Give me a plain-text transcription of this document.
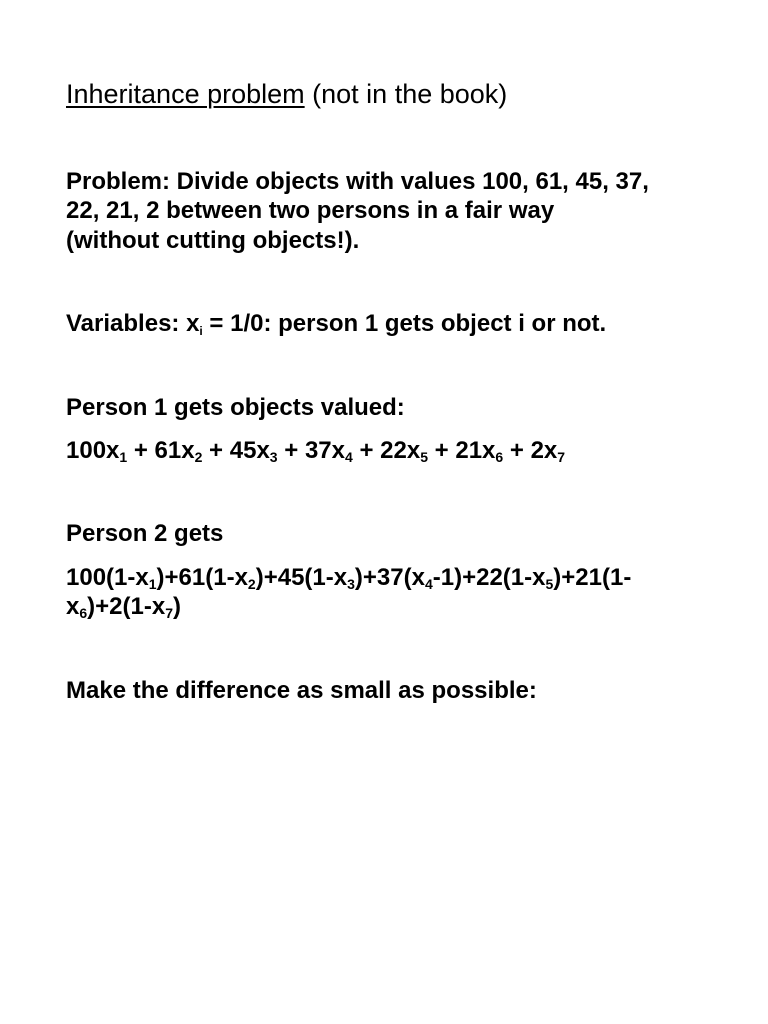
Inheritance problem (not in the book)
Problem: Divide objects with values 100, 61, 45, 37,
22, 21, 2 between two persons in a fair way
(without cutting objects!).
Variables: $x_i = 1/0$: person 1 gets object i or not.
Person 1 gets objects valued:
$100x_1 + 61x_2 + 45x_3 + 37x_4 + 22x_5 + 21x_6 + 2x_7$
Person 2 gets
$100(1-x_1)+61(1-x_2)+45(1-x_3)+37(x_4-1)+22(1-x_5)+21(1-$
$x_6)+2(1-x_7)$
Make the difference as small as possible:
